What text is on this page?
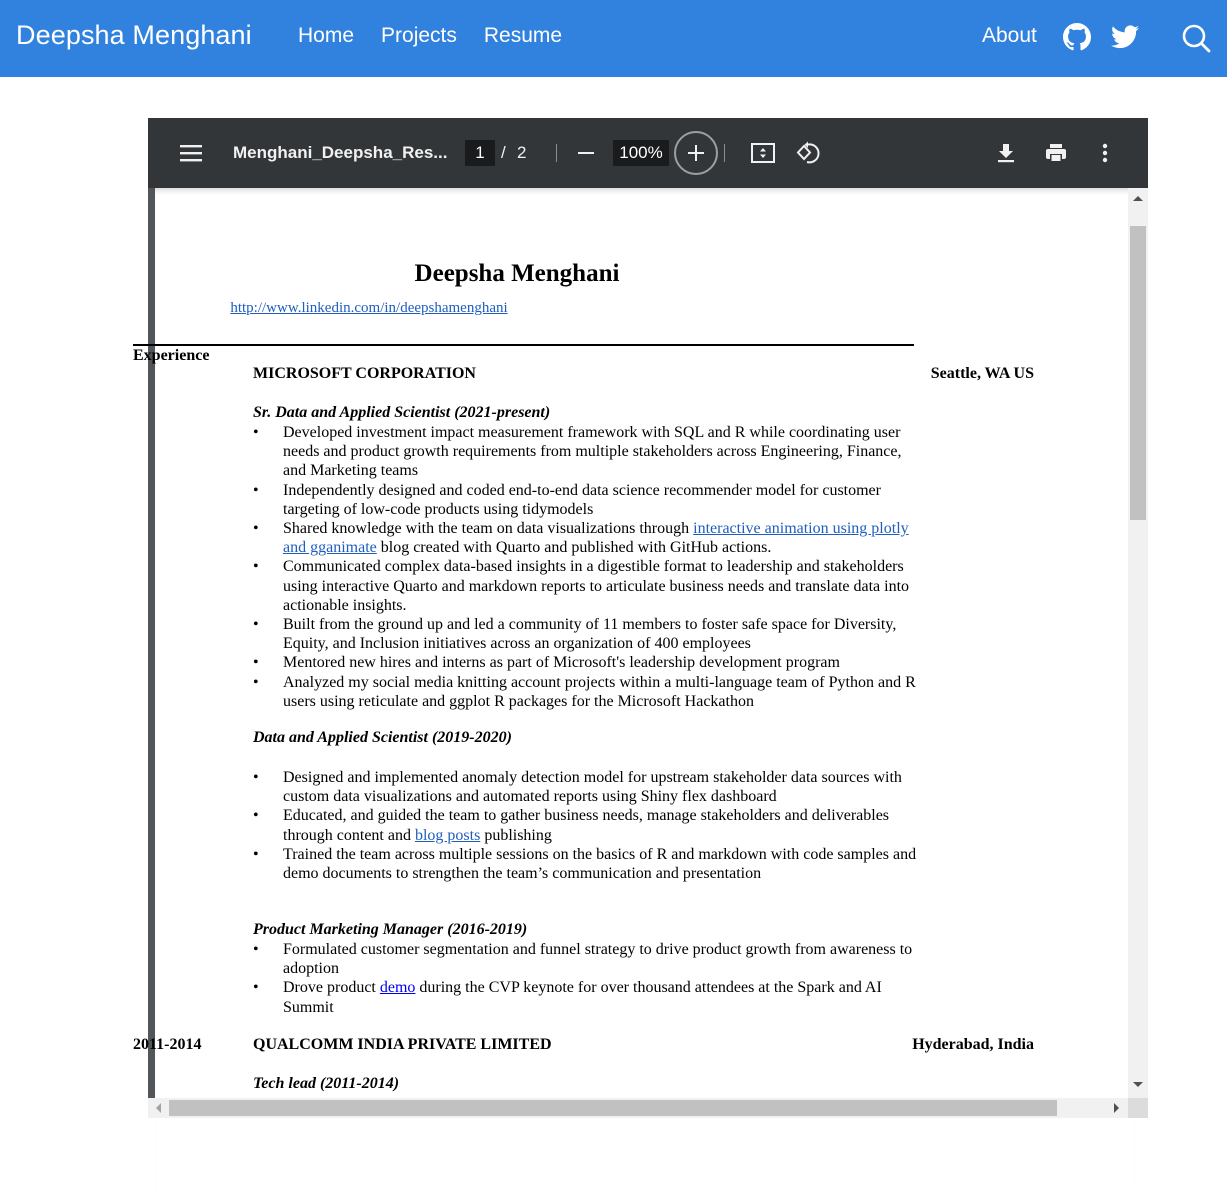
Deepsha Menghani Home Projects Resume	About
Menghani_Deepsha_Res...	1 / 2	100%
Deepsha Menghani
http://www.linkedin.com/in/deepshamenghani
Experience
MICROSOFT CORPORATION	Seattle, WA US
Sr. Data and Applied Scientist (2021-present)
• Developed investment impact measurement framework with SQL and R while coordinating user needs and product growth requirements from multiple stakeholders across Engineering, Finance, and Marketing teams
• Independently designed and coded end-to-end data science recommender model for customer targeting of low-code products using tidymodels
• Shared knowledge with the team on data visualizations through interactive animation using plotly and gganimate blog created with Quarto and published with GitHub actions.
• Communicated complex data-based insights in a digestible format to leadership and stakeholders using interactive Quarto and markdown reports to articulate business needs and translate data into actionable insights.
• Built from the ground up and led a community of 11 members to foster safe space for Diversity, Equity, and Inclusion initiatives across an organization of 400 employees
• Mentored new hires and interns as part of Microsoft's leadership development program
• Analyzed my social media knitting account projects within a multi-language team of Python and R users using reticulate and ggplot R packages for the Microsoft Hackathon
Data and Applied Scientist (2019-2020)
• Designed and implemented anomaly detection model for upstream stakeholder data sources with custom data visualizations and automated reports using Shiny flex dashboard
• Educated, and guided the team to gather business needs, manage stakeholders and deliverables through content and blog posts publishing
• Trained the team across multiple sessions on the basics of R and markdown with code samples and demo documents to strengthen the team’s communication and presentation
Product Marketing Manager (2016-2019)
• Formulated customer segmentation and funnel strategy to drive product growth from awareness to adoption
• Drove product demo during the CVP keynote for over thousand attendees at the Spark and AI Summit
2011-2014	QUALCOMM INDIA PRIVATE LIMITED	Hyderabad, India
Tech lead (2011-2014)
